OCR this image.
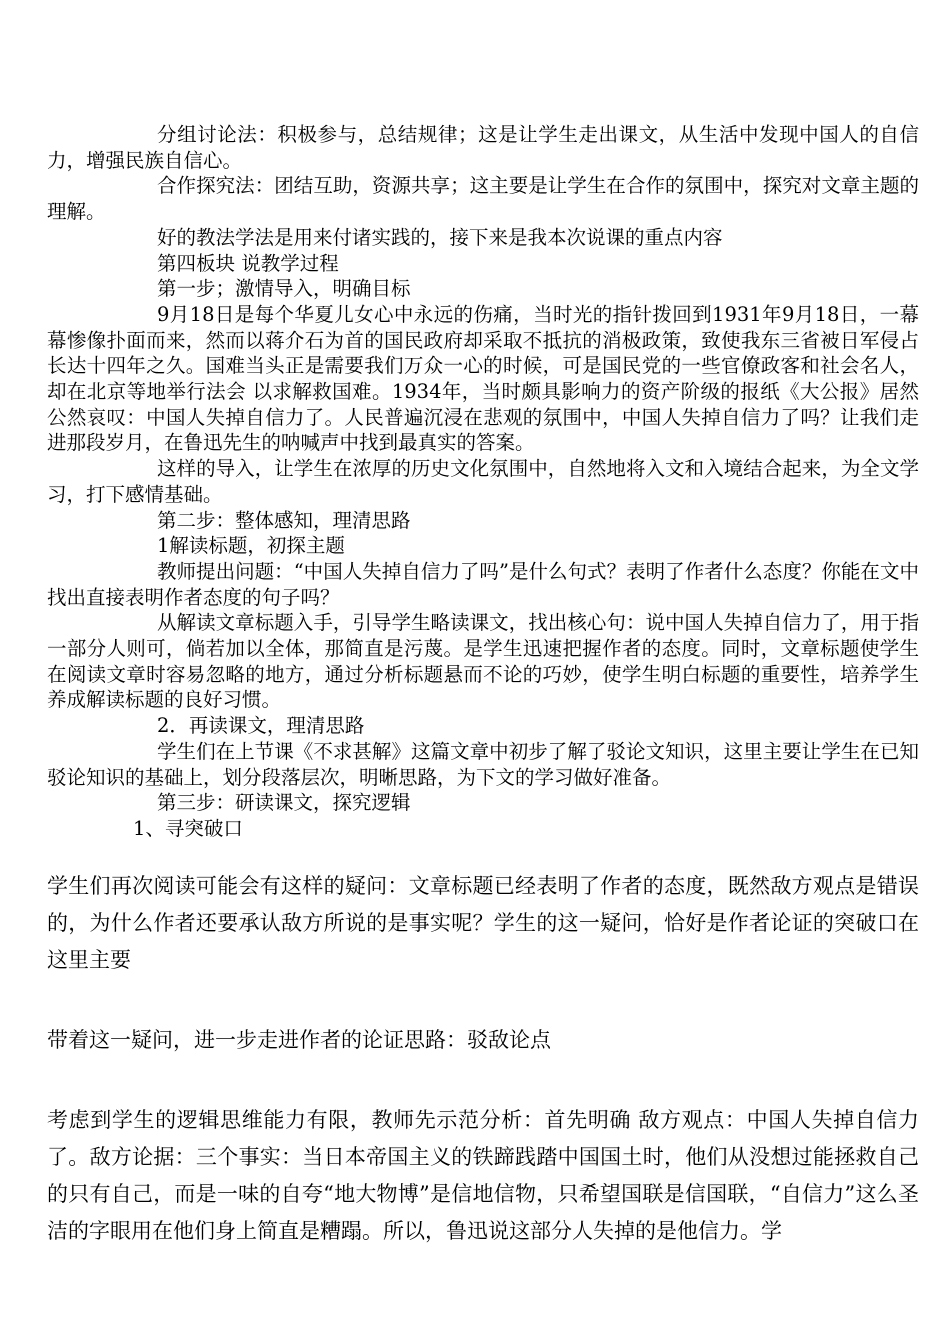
分组讨论法：积极参与，总结规律；这是让学生走出课文，从生活中发现中国人的自信力，增强民族自信心。

合作探究法：团结互助，资源共享；这主要是让学生在合作的氛围中，探究对文章主题的理解。

好的教法学法是用来付诸实践的，接下来是我本次说课的重点内容

第四板块 说教学过程

第一步；激情导入，明确目标

9月18日是每个华夏儿女心中永远的伤痛，当时光的指针拨回到1931年9月18日，一幕幕惨像扑面而来，然而以蒋介石为首的国民政府却采取不抵抗的消极政策，致使我东三省被日军侵占长达十四年之久。国难当头正是需要我们万众一心的时候，可是国民党的一些官僚政客和社会名人，却在北京等地举行法会 以求解救国难。1934年，当时颇具影响力的资产阶级的报纸《大公报》居然公然哀叹：中国人失掉自信力了。人民普遍沉浸在悲观的氛围中，中国人失掉自信力了吗？让我们走进那段岁月，在鲁迅先生的呐喊声中找到最真实的答案。

这样的导入，让学生在浓厚的历史文化氛围中，自然地将入文和入境结合起来，为全文学习，打下感情基础。

第二步：整体感知，理清思路

1解读标题，初探主题

教师提出问题：“中国人失掉自信力了吗”是什么句式？表明了作者什么态度？你能在文中找出直接表明作者态度的句子吗？

从解读文章标题入手，引导学生略读课文，找出核心句：说中国人失掉自信力了，用于指一部分人则可，倘若加以全体，那简直是污蔑。是学生迅速把握作者的态度。同时，文章标题使学生在阅读文章时容易忽略的地方，通过分析标题悬而不论的巧妙，使学生明白标题的重要性，培养学生养成解读标题的良好习惯。

2．再读课文，理清思路

学生们在上节课《不求甚解》这篇文章中初步了解了驳论文知识，这里主要让学生在已知驳论知识的基础上，划分段落层次，明晰思路，为下文的学习做好准备。

第三步：研读课文，探究逻辑

1、寻突破口

学生们再次阅读可能会有这样的疑问：文章标题已经表明了作者的态度，既然敌方观点是错误的，为什么作者还要承认敌方所说的是事实呢？学生的这一疑问，恰好是作者论证的突破口在这里主要

带着这一疑问，进一步走进作者的论证思路：驳敌论点

考虑到学生的逻辑思维能力有限，教师先示范分析：首先明确 敌方观点：中国人失掉自信力了。敌方论据：三个事实：当日本帝国主义的铁蹄践踏中国国土时，他们从没想过能拯救自己的只有自己，而是一味的自夸“地大物博”是信地信物，只希望国联是信国联，“自信力”这么圣洁的字眼用在他们身上简直是糟蹋。所以，鲁迅说这部分人失掉的是他信力。学
